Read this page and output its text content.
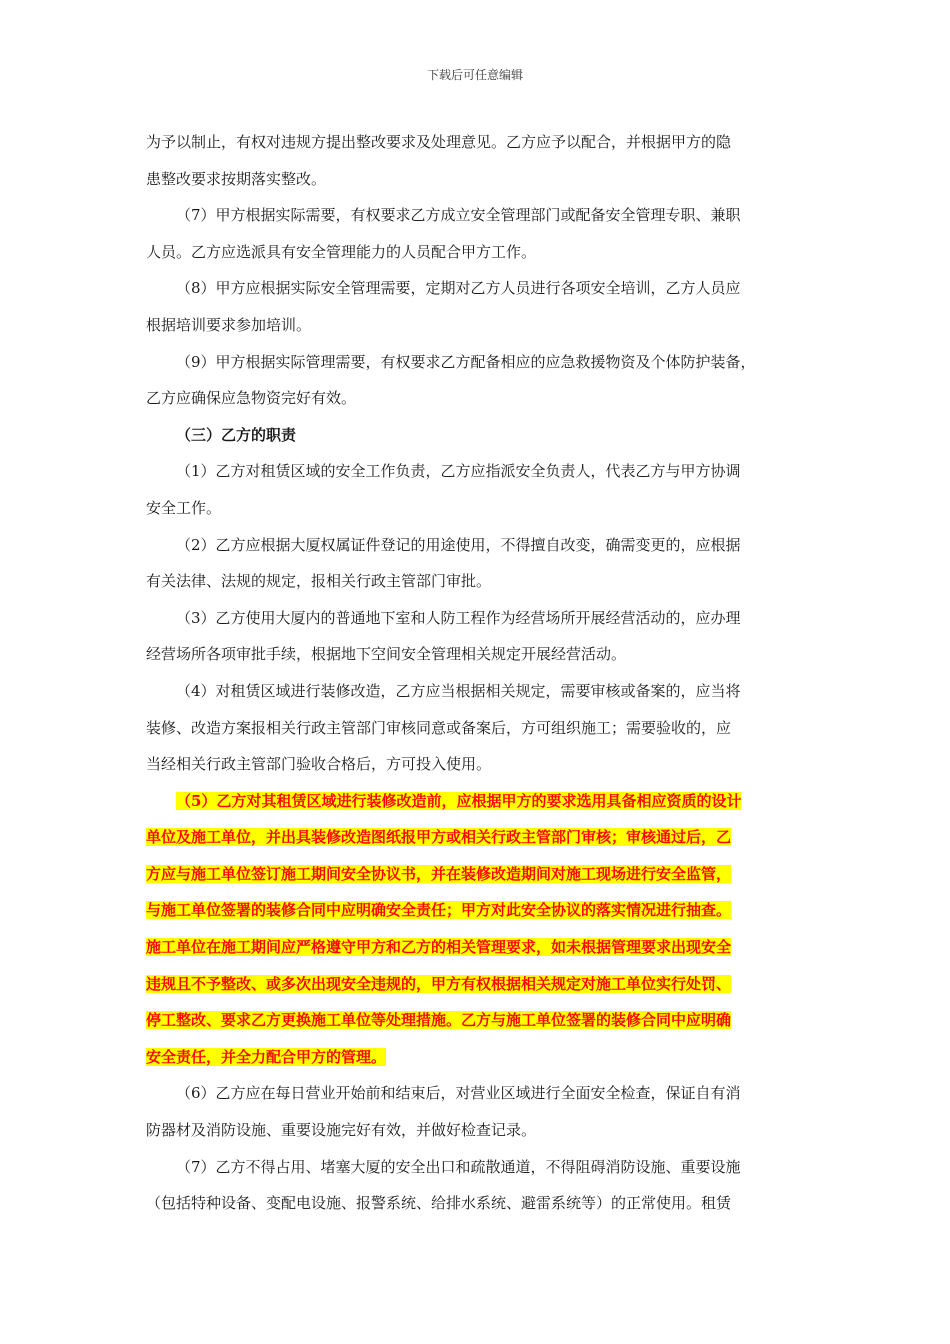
下载后可任意编辑
为予以制止，有权对违规方提出整改要求及处理意见。乙方应予以配合，并根据甲方的隐
患整改要求按期落实整改。
（7）甲方根据实际需要，有权要求乙方成立安全管理部门或配备安全管理专职、兼职
人员。乙方应选派具有安全管理能力的人员配合甲方工作。
（8）甲方应根据实际安全管理需要，定期对乙方人员进行各项安全培训，乙方人员应
根据培训要求参加培训。
（9）甲方根据实际管理需要，有权要求乙方配备相应的应急救援物资及个体防护装备，
乙方应确保应急物资完好有效。
（三）乙方的职责
（1）乙方对租赁区域的安全工作负责，乙方应指派安全负责人，代表乙方与甲方协调
安全工作。
（2）乙方应根据大厦权属证件登记的用途使用，不得擅自改变，确需变更的，应根据
有关法律、法规的规定，报相关行政主管部门审批。
（3）乙方使用大厦内的普通地下室和人防工程作为经营场所开展经营活动的，应办理
经营场所各项审批手续，根据地下空间安全管理相关规定开展经营活动。
（4）对租赁区域进行装修改造，乙方应当根据相关规定，需要审核或备案的，应当将
装修、改造方案报相关行政主管部门审核同意或备案后，方可组织施工；需要验收的，应
当经相关行政主管部门验收合格后，方可投入使用。
（5）乙方对其租赁区域进行装修改造前，应根据甲方的要求选用具备相应资质的设计
单位及施工单位，并出具装修改造图纸报甲方或相关行政主管部门审核；审核通过后，乙
方应与施工单位签订施工期间安全协议书，并在装修改造期间对施工现场进行安全监管，
与施工单位签署的装修合同中应明确安全责任；甲方对此安全协议的落实情况进行抽查。
施工单位在施工期间应严格遵守甲方和乙方的相关管理要求，如未根据管理要求出现安全
违规且不予整改、或多次出现安全违规的，甲方有权根据相关规定对施工单位实行处罚、
停工整改、要求乙方更换施工单位等处理措施。乙方与施工单位签署的装修合同中应明确
安全责任，并全力配合甲方的管理。
（6）乙方应在每日营业开始前和结束后，对营业区域进行全面安全检查，保证自有消
防器材及消防设施、重要设施完好有效，并做好检查记录。
（7）乙方不得占用、堵塞大厦的安全出口和疏散通道，不得阻碍消防设施、重要设施
（包括特种设备、变配电设施、报警系统、给排水系统、避雷系统等）的正常使用。租赁
